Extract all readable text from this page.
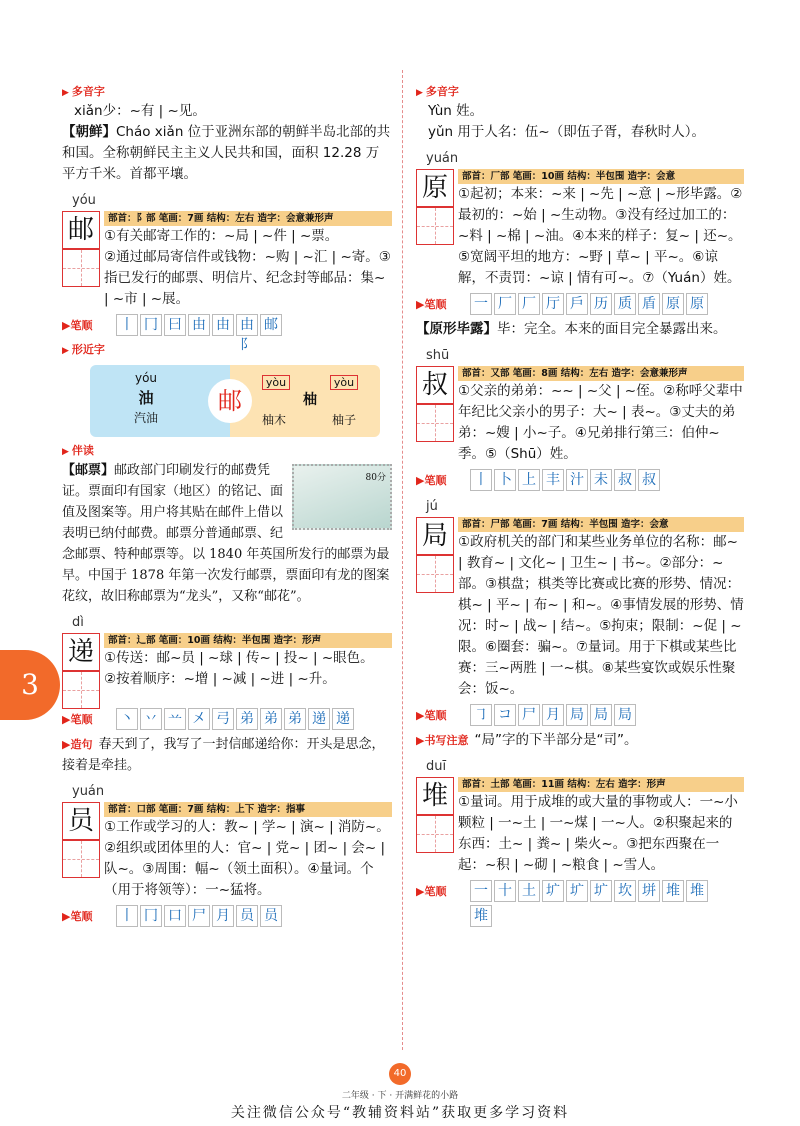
▶ 多音字
xiǎn少：~有 | ~见。
【朝鲜】Cháo xiǎn 位于亚洲东部的朝鲜半岛北部的共和国。全称朝鲜民主主义人民共和国，面积 12.28 万平方千米。首都平壤。
yóu
邮	部首：阝部 笔画：7画 结构：左右 造字：会意兼形声
①有关邮寄工作的：~局 | ~件 | ~票。
②通过邮局寄信件或钱物：~购 | ~汇 | ~寄。③指已发行的邮票、明信片、纪念封等邮品：集~ | ~市 | ~展。
▶笔顺	丨 冂 曰 由 由 由阝
邮
▶ 形近字
yóu
油
汽油
邮
yòu
柚
yòu
柚木	柚子
▶ 伴读
80分
【邮票】邮政部门印刷发行的邮费凭证。票面印有国家（地区）的铭记、面值及图案等。用户将其贴在邮件上借以表明已纳付邮费。邮票分普通邮票、纪念邮票、特种邮票等。以 1840 年英国所发行的邮票为最早。中国于 1878 年第一次发行邮票，票面印有龙的图案花纹，故旧称邮票为“龙头”，又称“邮花”。
dì
递	部首：辶部 笔画：10画 结构：半包围 造字：形声
①传送：邮~员 | ~球 | 传~ | 投~ | ~眼色。
②按着顺序：~增 | ~减 | ~进 | ~升。
▶笔顺	丶 丷 䒑 㐅 弓 弟 弟 弟 递 递
▶造句 春天到了，我写了一封信邮递给你：开头是思念，接着是牵挂。
yuán
员	部首：口部 笔画：7画 结构：上下 造字：指事
①工作或学习的人：教~ | 学~ | 演~ | 消防~。②组织或团体里的人：官~ | 党~ | 团~ | 会~ | 队~。③周围：幅~（领土面积）。④量词。个（用于将领等）：一~猛将。
▶笔顺	丨 冂 口 尸 月 员 员
▶ 多音字
Yùn 姓。
yǔn 用于人名：伍~（即伍子胥，春秋时人）。
yuán
原	部首：厂部 笔画：10画 结构：半包围 造字：会意
①起初；本来：~来 | ~先 | ~意 | ~形毕露。②最初的：~始 | ~生动物。③没有经过加工的：~料 | ~棉 | ~油。④本来的样子：复~ | 还~。⑤宽阔平坦的地方：~野 | 草~ | 平~。⑥谅解，不责罚：~谅 | 情有可~。⑦（Yuán）姓。
▶笔顺	一 厂 厂 厅 戶 历 质 盾 原 原
【原形毕露】毕：完全。本来的面目完全暴露出来。
shū
叔	部首：又部 笔画：8画 结构：左右 造字：会意兼形声
①父亲的弟弟：~~ | ~父 | ~侄。②称呼父辈中年纪比父亲小的男子：大~ | 表~。③丈夫的弟弟：~嫂 | 小~子。④兄弟排行第三：伯仲~季。⑤（Shū）姓。
▶笔顺	丨 卜 上 丰 汁 未 叔 叔
jú
局	部首：尸部 笔画：7画 结构：半包围 造字：会意
①政府机关的部门和某些业务单位的名称：邮~ | 教育~ | 文化~ | 卫生~ | 书~。②部分：~部。③棋盘；棋类等比赛或比赛的形势、情况：棋~ | 平~ | 布~ | 和~。④事情发展的形势、情况：时~ | 战~ | 结~。⑤拘束；限制：~促 | ~限。⑥圈套：骗~。⑦量词。用于下棋或某些比赛：三~两胜 | 一~棋。⑧某些宴饮或娱乐性聚会：饭~。
▶笔顺	㇆ コ 尸 月 局 局 局
▶书写注意 “局”字的下半部分是“司”。
duī
堆	部首：土部 笔画：11画 结构：左右 造字：形声
①量词。用于成堆的或大量的事物或人：一~小颗粒 | 一~土 | 一~煤 | 一~人。②积聚起来的东西：土~ | 粪~ | 柴火~。③把东西聚在一起：~积 | ~砌 | ~粮食 | ~雪人。
▶笔顺	一 十 土 圹 圹 圹 坎 垪 堆 堆
堆
3
40
二年级 · 下 · 开满鲜花的小路
关注微信公众号“教辅资料站”获取更多学习资料
